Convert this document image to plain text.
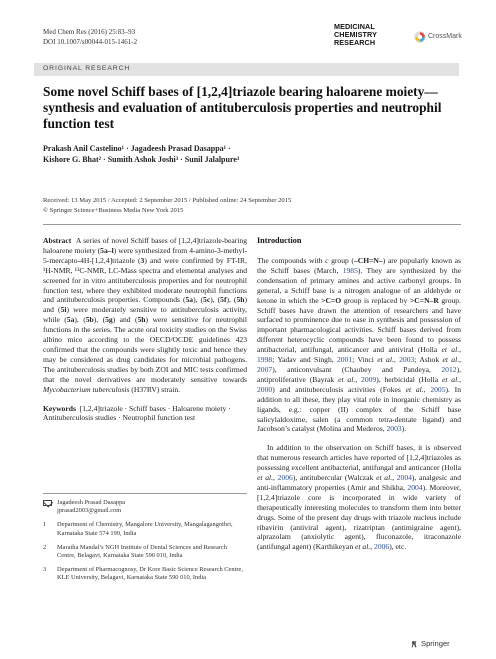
Med Chem Res (2016) 25:83–93
DOI 10.1007/s00044-015-1461-2
MEDICINAL
CHEMISTRY
RESEARCH
CrossMark
ORIGINAL RESEARCH
Some novel Schiff bases of [1,2,4]triazole bearing haloarene moiety—synthesis and evaluation of antituberculosis properties and neutrophil function test
Prakash Anil Castelino¹ · Jagadeesh Prasad Dasappa¹ ·
Kishore G. Bhat² · Sumith Ashok Joshi³ · Sunil Jalalpure³
Received: 13 May 2015 / Accepted: 2 September 2015 / Published online: 24 September 2015
© Springer Science+Business Media New York 2015

Abstract A series of novel Schiff bases of [1,2,4]triazole-bearing haloarene moiety (5a–l) were synthesized from 4-amino-3-methyl-5-mercapto-4H-[1,2,4]triazole (3) and were confirmed by FT-IR, ¹H-NMR, ¹³C-NMR, LC-Mass spectra and elemental analyses and screened for in vitro antituberculosis properties and for neutrophil function test, where they exhibited moderate neutrophil functions and antituberculosis properties. Compounds (5a), (5c), (5f), (5h) and (5i) were moderately sensitive to antituberculosis activity, while (5a), (5b), (5g) and (5h) were sensitive for neutrophil functions in the series. The acute oral toxicity studies on the Swiss albino mice according to the OECD/OCDE guidelines 423 confirmed that the compounds were slightly toxic and hence they may be considered as drug candidates for microbial pathogens. The antituberculosis studies by both ZOI and MIC tests confirmed that the novel derivatives are moderately sensitive towards Mycobacterium tuberculosis (H37RV) strain.

Keywords [1,2,4]triazole · Schiff bases · Haloarene moiety · Antituberculosis studies · Neutrophil function test

Jagadeesh Prasad Dasappa
jprasad2003@gmail.com
1	Department of Chemistry, Mangalore University, Mangalagangothri, Karnataka State 574 199, India
2	Maratha Mandal’s NGH Institute of Dental Sciences and Research Centre, Belagavi, Karnataka State 590 010, India
3	Department of Pharmacognosy, Dr Kore Basic Science Research Centre, KLE University, Belagavi, Karnataka State 590 010, India
Introduction

The compounds with c group (–CH=N–) are popularly known as the Schiff bases (March, 1985). They are synthesized by the condensation of primary amines and active carbonyl groups. In general, a Schiff base is a nitrogen analogue of an aldehyde or ketone in which the >C=O group is replaced by >C=N–R group. Schiff bases have drawn the attention of researchers and have surfaced to prominence due to ease in synthesis and possession of important pharmacological activities. Schiff bases derived from different heterocyclic compounds have been found to possess antibacterial, antifungal, anticancer and antiviral (Holla et al., 1998; Yadav and Singh, 2001; Vinci et al., 2003; Ashok et al., 2007), anticonvulsant (Chaubey and Pandeya, 2012), antiproliferative (Bayrak et al., 2009), herbicidal (Holla et al., 2000) and antituberculosis activities (Fokes et al., 2005). In addition to all these, they play vital role in inorganic chemistry as ligands, e.g.: copper (II) complex of the Schiff base salicylaldoxime, salen (a common tetra-dentate ligand) and Jacobson’s catalyst (Molina and Mederos, 2003).

In addition to the observation on Schiff bases, it is observed that numerous research articles have reported of [1,2,4]triazoles as possessing excellent antibacterial, antifungal and anticancer (Holla et al., 2006), antitubercular (Walczak et al., 2004), analgesic and anti-inflammatory properties (Amir and Shikha, 2004). Moreover, [1,2,4]triazole core is incorporated in wide variety of therapeutically interesting molecules to transform them into better drugs. Some of the present day drugs with triazole nucleus include ribavirin (antiviral agent), rizatriptan (antimigraine agent), alprazolam (anxiolytic agent), fluconazole, itraconazole (antifungal agent) (Karthikeyan et al., 2006), etc.

Springer
